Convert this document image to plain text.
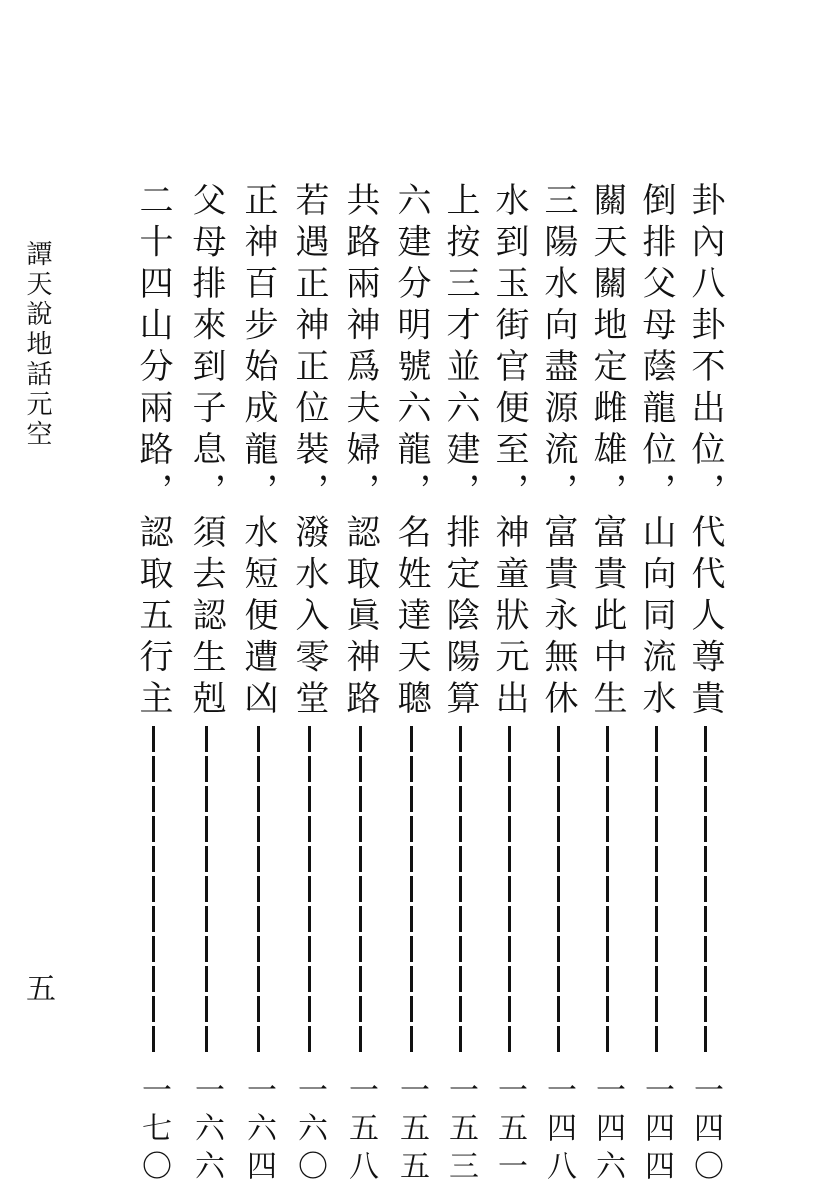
譚天說地話元空
五
卦內八卦不出位，代代人尊貴
一四〇
倒排父母蔭龍位，山向同流水
一四四
關天關地定雌雄，富貴此中生
一四六
三陽水向盡源流，富貴永無休
一四八
水到玉街官便至，神童狀元出
一五一
上按三才並六建，排定陰陽算
一五三
六建分明號六龍，名姓達天聰
一五五
共路兩神爲夫婦，認取眞神路
一五八
若遇正神正位裝，潑水入零堂
一六〇
正神百步始成龍，水短便遭凶
一六四
父母排來到子息，須去認生剋
一六六
二十四山分兩路，認取五行主
一七〇
